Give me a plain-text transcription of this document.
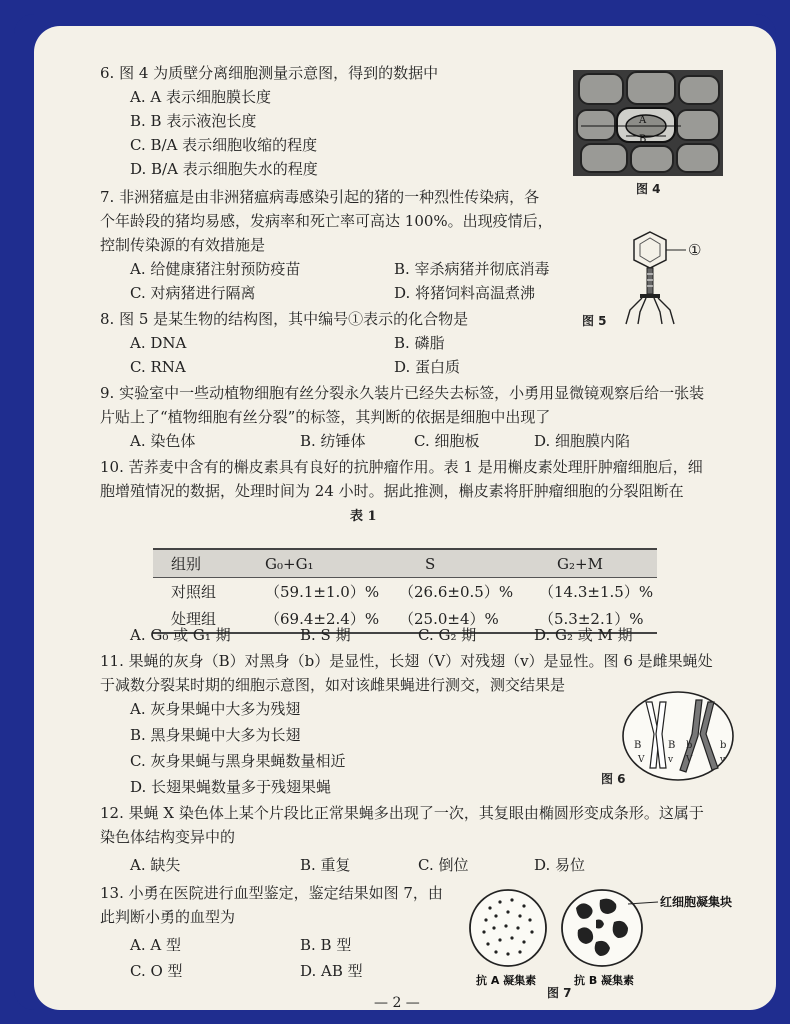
6. 图 4 为质壁分离细胞测量示意图，得到的数据中
A. A 表示细胞膜长度
B. B 表示液泡长度
C. B/A 表示细胞收缩的程度
D. B/A 表示细胞失水的程度
A
B
图 4
7. 非洲猪瘟是由非洲猪瘟病毒感染引起的猪的一种烈性传染病，各
个年龄段的猪均易感，发病率和死亡率可高达 100%。出现疫情后，
控制传染源的有效措施是
A. 给健康猪注射预防疫苗	B. 宰杀病猪并彻底消毒
C. 对病猪进行隔离	D. 将猪饲料高温煮沸
①
图 5
8. 图 5 是某生物的结构图，其中编号①表示的化合物是
A. DNA	B. 磷脂
C. RNA	D. 蛋白质
9. 实验室中一些动植物细胞有丝分裂永久装片已经失去标签，小勇用显微镜观察后给一张装
片贴上了“植物细胞有丝分裂”的标签，其判断的依据是细胞中出现了
A. 染色体	B. 纺锤体	C. 细胞板	D. 细胞膜内陷
10. 苦荞麦中含有的槲皮素具有良好的抗肿瘤作用。表 1 是用槲皮素处理肝肿瘤细胞后，细
胞增殖情况的数据，处理时间为 24 小时。据此推测，槲皮素将肝肿瘤细胞的分裂阻断在
表 1
组别	G₀+G₁	S	G₂+M
对照组	（59.1±1.0）%	（26.6±0.5）%	（14.3±1.5）%
处理组	（69.4±2.4）%	（25.0±4）%	（5.3±2.1）%
A. G₀ 或 G₁ 期	B. S 期	C. G₂ 期	D. G₂ 或 M 期
11. 果蝇的灰身（B）对黑身（b）是显性，长翅（V）对残翅（v）是显性。图 6 是雌果蝇处
于减数分裂某时期的细胞示意图，如对该雌果蝇进行测交，测交结果是
A. 灰身果蝇中大多为残翅
B. 黑身果蝇中大多为长翅
C. 灰身果蝇与黑身果蝇数量相近
D. 长翅果蝇数量多于残翅果蝇
B	B b	b
V	v V	v
图 6
12. 果蝇 X 染色体上某个片段比正常果蝇多出现了一次，其复眼由椭圆形变成条形。这属于
染色体结构变异中的
A. 缺失	B. 重复	C. 倒位	D. 易位
13. 小勇在医院进行血型鉴定，鉴定结果如图 7，由
此判断小勇的血型为
A. A 型	B. B 型
C. O 型	D. AB 型
红细胞凝集块
抗 A 凝集素	抗 B 凝集素
图 7
— 2 —
